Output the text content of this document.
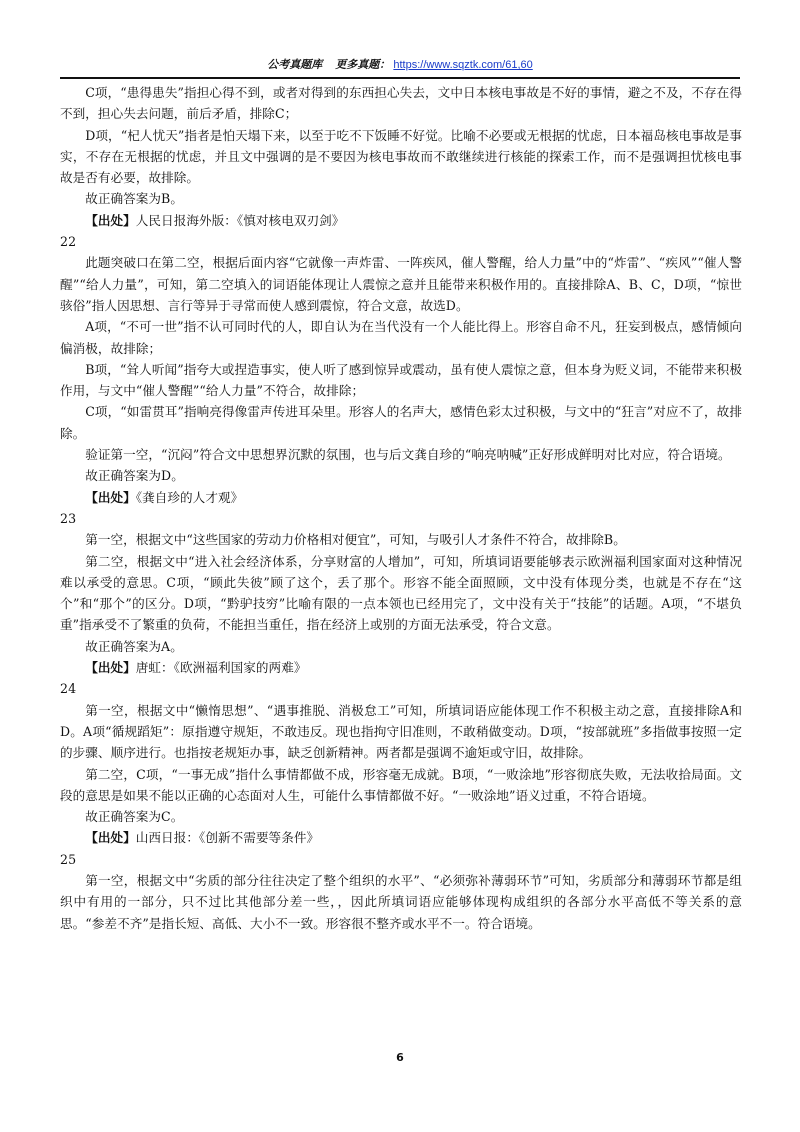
公考真题库 更多真题： https://www.sqztk.com/61,60

C项，“患得患失”指担心得不到，或者对得到的东西担心失去，文中日本核电事故是不好的事情，避之不及，不存在得不到，担心失去问题，前后矛盾，排除C；

D项，“杞人忧天”指者是怕天塌下来，以至于吃不下饭睡不好觉。比喻不必要或无根据的忧虑，日本福岛核电事故是事实，不存在无根据的忧虑，并且文中强调的是不要因为核电事故而不敢继续进行核能的探索工作，而不是强调担忧核电事故是否有必要，故排除。

故正确答案为B。

【出处】人民日报海外版：《慎对核电双刃剑》

22

此题突破口在第二空，根据后面内容“它就像一声炸雷、一阵疾风，催人警醒，给人力量”中的“炸雷”、“疾风”“催人警醒”“给人力量”，可知，第二空填入的词语能体现让人震惊之意并且能带来积极作用的。直接排除A、B、C，D项，“惊世骇俗”指人因思想、言行等异于寻常而使人感到震惊，符合文意，故选D。

A项，“不可一世”指不认可同时代的人，即自认为在当代没有一个人能比得上。形容自命不凡，狂妄到极点，感情倾向偏消极，故排除；

B项，“耸人听闻”指夸大或捏造事实，使人听了感到惊异或震动，虽有使人震惊之意，但本身为贬义词，不能带来积极作用，与文中“催人警醒”“给人力量”不符合，故排除；

C项，“如雷贯耳”指响亮得像雷声传进耳朵里。形容人的名声大，感情色彩太过积极，与文中的“狂言”对应不了，故排除。

验证第一空，“沉闷”符合文中思想界沉默的氛围，也与后文龚自珍的“响亮呐喊”正好形成鲜明对比对应，符合语境。

故正确答案为D。

【出处】《龚自珍的人才观》

23

第一空，根据文中“这些国家的劳动力价格相对便宜”，可知，与吸引人才条件不符合，故排除B。

第二空，根据文中“进入社会经济体系，分享财富的人增加”，可知，所填词语要能够表示欧洲福利国家面对这种情况难以承受的意思。C项，“顾此失彼”顾了这个，丢了那个。形容不能全面照顾，文中没有体现分类，也就是不存在“这个”和“那个”的区分。D项，“黔驴技穷”比喻有限的一点本领也已经用完了，文中没有关于“技能”的话题。A项，“不堪负重”指承受不了繁重的负荷，不能担当重任，指在经济上或别的方面无法承受，符合文意。

故正确答案为A。

【出处】唐虹：《欧洲福利国家的两难》

24

第一空，根据文中“懒惰思想”、“遇事推脱、消极怠工”可知，所填词语应能体现工作不积极主动之意，直接排除A和D。A项“循规蹈矩”：原指遵守规矩，不敢违反。现也指拘守旧准则，不敢稍做变动。D项，“按部就班”多指做事按照一定的步骤、顺序进行。也指按老规矩办事，缺乏创新精神。两者都是强调不逾矩或守旧，故排除。

第二空，C项，“一事无成”指什么事情都做不成，形容毫无成就。B项，“一败涂地”形容彻底失败，无法收拾局面。文段的意思是如果不能以正确的心态面对人生，可能什么事情都做不好。“一败涂地”语义过重，不符合语境。

故正确答案为C。

【出处】山西日报：《创新不需要等条件》

25

第一空，根据文中“劣质的部分往往决定了整个组织的水平”、“必须弥补薄弱环节”可知，劣质部分和薄弱环节都是组织中有用的一部分，只不过比其他部分差一些，，因此所填词语应能够体现构成组织的各部分水平高低不等关系的意思。“参差不齐”是指长短、高低、大小不一致。形容很不整齐或水平不一。符合语境。

6
